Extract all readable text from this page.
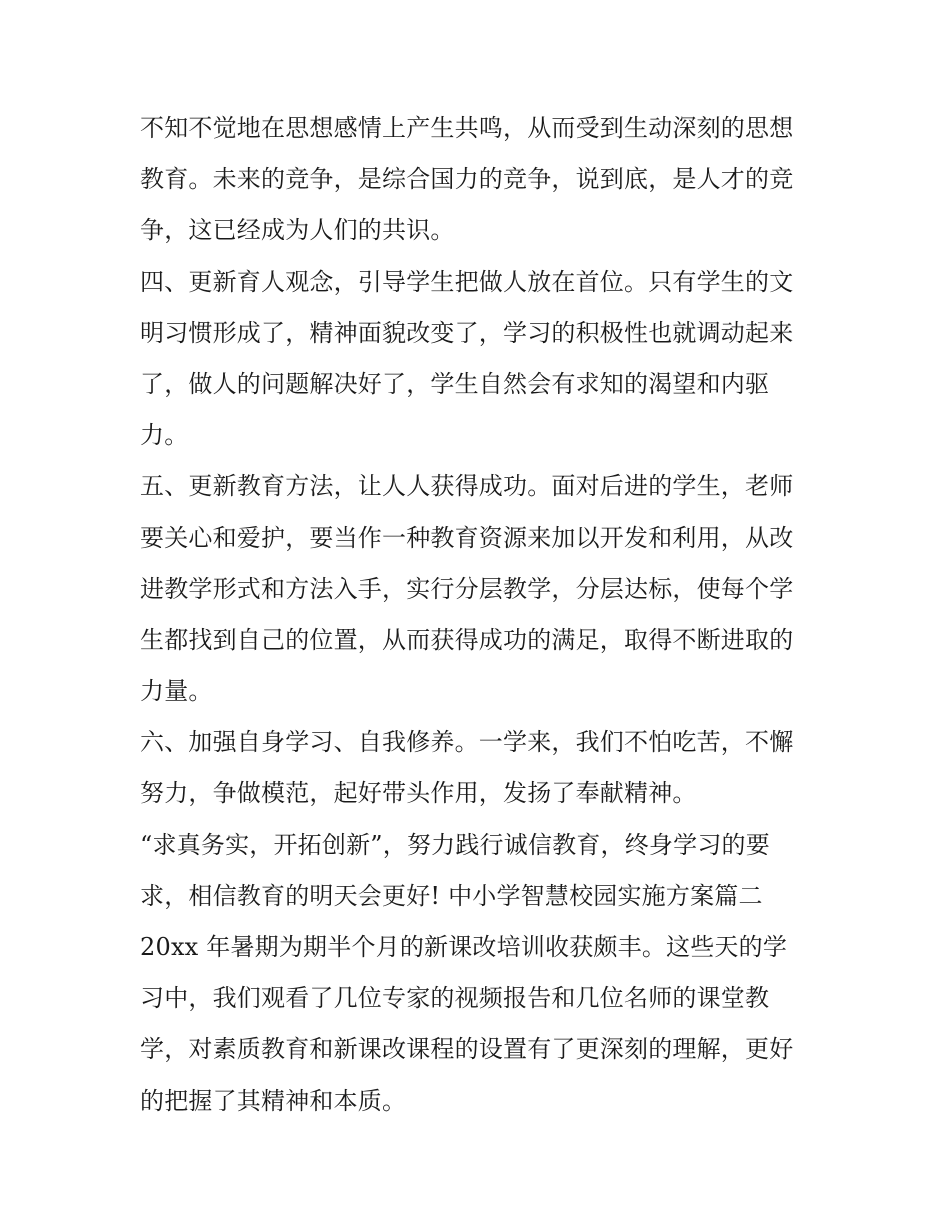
不知不觉地在思想感情上产生共鸣，从而受到生动深刻的思想
教育。未来的竞争，是综合国力的竞争，说到底，是人才的竞
争，这已经成为人们的共识。
四、更新育人观念，引导学生把做人放在首位。只有学生的文
明习惯形成了，精神面貌改变了，学习的积极性也就调动起来
了，做人的问题解决好了，学生自然会有求知的渴望和内驱
力。
五、更新教育方法，让人人获得成功。面对后进的学生，老师
要关心和爱护，要当作一种教育资源来加以开发和利用，从改
进教学形式和方法入手，实行分层教学，分层达标，使每个学
生都找到自己的位置，从而获得成功的满足，取得不断进取的
力量。
六、加强自身学习、自我修养。一学来，我们不怕吃苦，不懈
努力，争做模范，起好带头作用，发扬了奉献精神。
“求真务实，开拓创新”，努力践行诚信教育，终身学习的要
求，相信教育的明天会更好! 中小学智慧校园实施方案篇二
20xx 年暑期为期半个月的新课改培训收获颇丰。这些天的学
习中，我们观看了几位专家的视频报告和几位名师的课堂教
学，对素质教育和新课改课程的设置有了更深刻的理解，更好
的把握了其精神和本质。
